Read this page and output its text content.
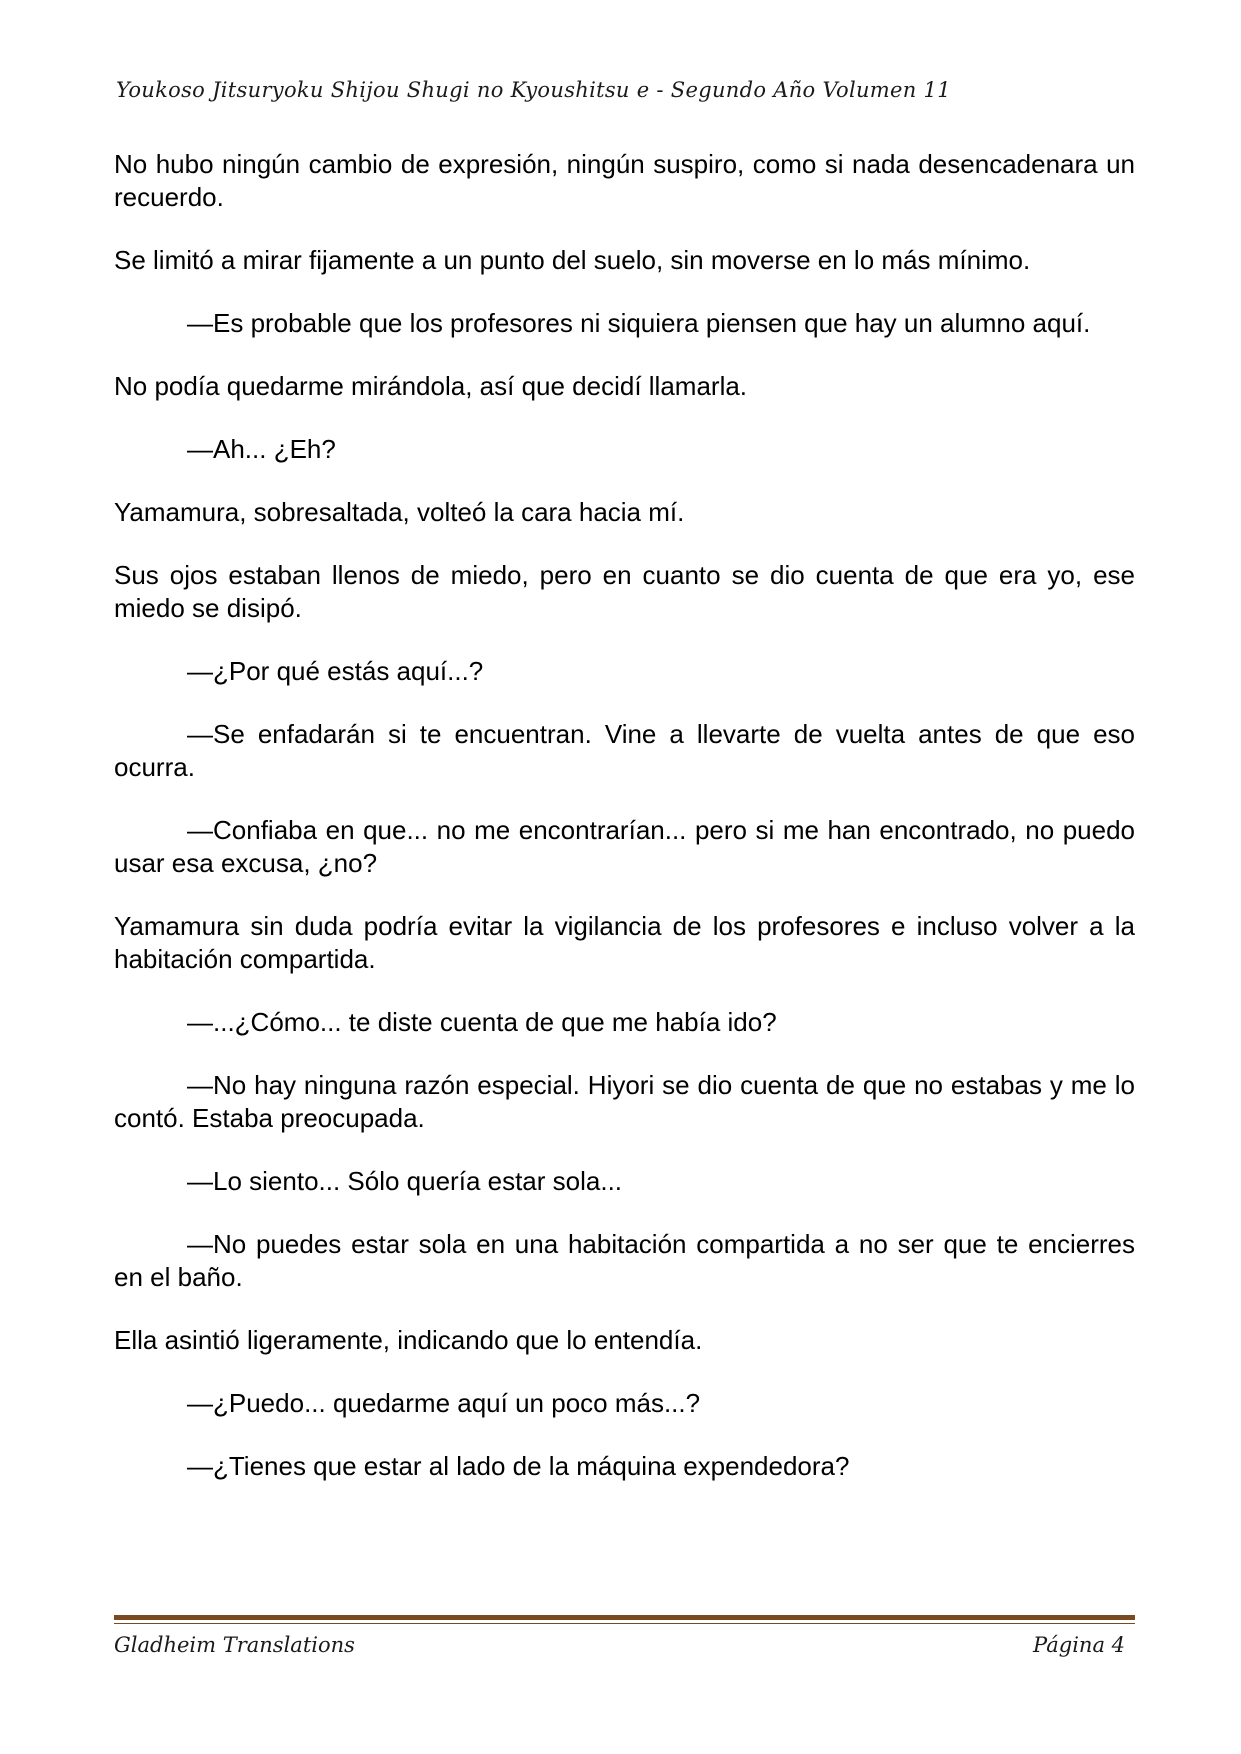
Youkoso Jitsuryoku Shijou Shugi no Kyoushitsu e - Segundo Año Volumen 11

No hubo ningún cambio de expresión, ningún suspiro, como si nada desencadenara un recuerdo.

Se limitó a mirar fijamente a un punto del suelo, sin moverse en lo más mínimo.

—Es probable que los profesores ni siquiera piensen que hay un alumno aquí.

No podía quedarme mirándola, así que decidí llamarla.

—Ah... ¿Eh?

Yamamura, sobresaltada, volteó la cara hacia mí.

Sus ojos estaban llenos de miedo, pero en cuanto se dio cuenta de que era yo, ese miedo se disipó.

—¿Por qué estás aquí...?

—Se enfadarán si te encuentran. Vine a llevarte de vuelta antes de que eso ocurra.

—Confiaba en que... no me encontrarían... pero si me han encontrado, no puedo usar esa excusa, ¿no?

Yamamura sin duda podría evitar la vigilancia de los profesores e incluso volver a la habitación compartida.

—...¿Cómo... te diste cuenta de que me había ido?

—No hay ninguna razón especial. Hiyori se dio cuenta de que no estabas y me lo contó. Estaba preocupada.

—Lo siento... Sólo quería estar sola...

—No puedes estar sola en una habitación compartida a no ser que te encierres en el baño.

Ella asintió ligeramente, indicando que lo entendía.

—¿Puedo... quedarme aquí un poco más...?

—¿Tienes que estar al lado de la máquina expendedora?

Gladheim Translations	Página 4
